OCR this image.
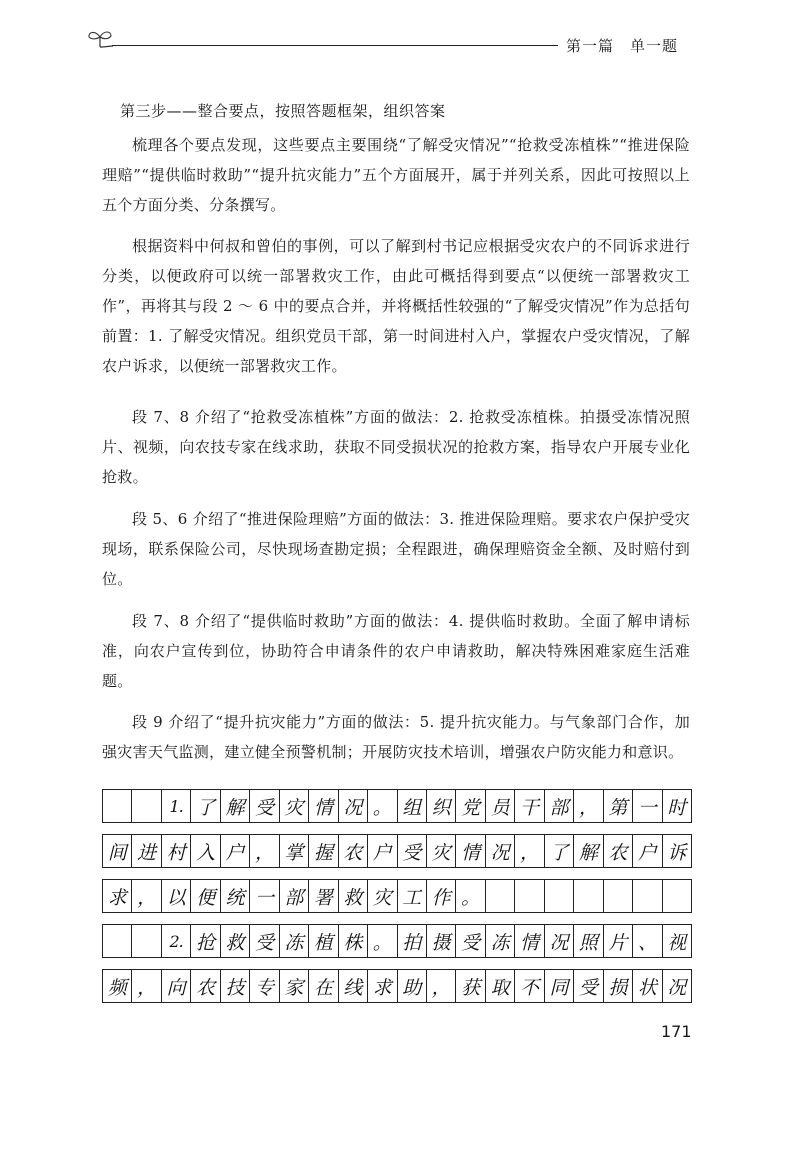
第一篇 单一题
第三步——整合要点，按照答题框架，组织答案

梳理各个要点发现，这些要点主要围绕“了解受灾情况”“抢救受冻植株”“推进保险理赔”“提供临时救助”“提升抗灾能力”五个方面展开，属于并列关系，因此可按照以上五个方面分类、分条撰写。

根据资料中何叔和曾伯的事例，可以了解到村书记应根据受灾农户的不同诉求进行分类，以便政府可以统一部署救灾工作，由此可概括得到要点“以便统一部署救灾工作”，再将其与段 2 ～ 6 中的要点合并，并将概括性较强的“了解受灾情况”作为总括句前置：1. 了解受灾情况。组织党员干部，第一时间进村入户，掌握农户受灾情况，了解农户诉求，以便统一部署救灾工作。

段 7、8 介绍了“抢救受冻植株”方面的做法：2. 抢救受冻植株。拍摄受冻情况照片、视频，向农技专家在线求助，获取不同受损状况的抢救方案，指导农户开展专业化抢救。

段 5、6 介绍了“推进保险理赔”方面的做法：3. 推进保险理赔。要求农户保护受灾现场，联系保险公司，尽快现场查勘定损；全程跟进，确保理赔资金全额、及时赔付到位。

段 7、8 介绍了“提供临时救助”方面的做法：4. 提供临时救助。全面了解申请标准，向农户宣传到位，协助符合申请条件的农户申请救助，解决特殊困难家庭生活难题。

段 9 介绍了“提升抗灾能力”方面的做法：5. 提升抗灾能力。与气象部门合作，加强灾害天气监测，建立健全预警机制；开展防灾技术培训，增强农户防灾能力和意识。

1. 了 解 受 灾 情 况 。 组 织 党 员 干 部 ， 第 一 时
间 进 村 入 户 ， 掌 握 农 户 受 灾 情 况 ， 了 解 农 户 诉
求 ， 以 便 统 一 部 署 救 灾 工 作 。
2. 抢 救 受 冻 植 株 。 拍 摄 受 冻 情 况 照 片 、 视
频 ， 向 农 技 专 家 在 线 求 助 ， 获 取 不 同 受 损 状 况
171
